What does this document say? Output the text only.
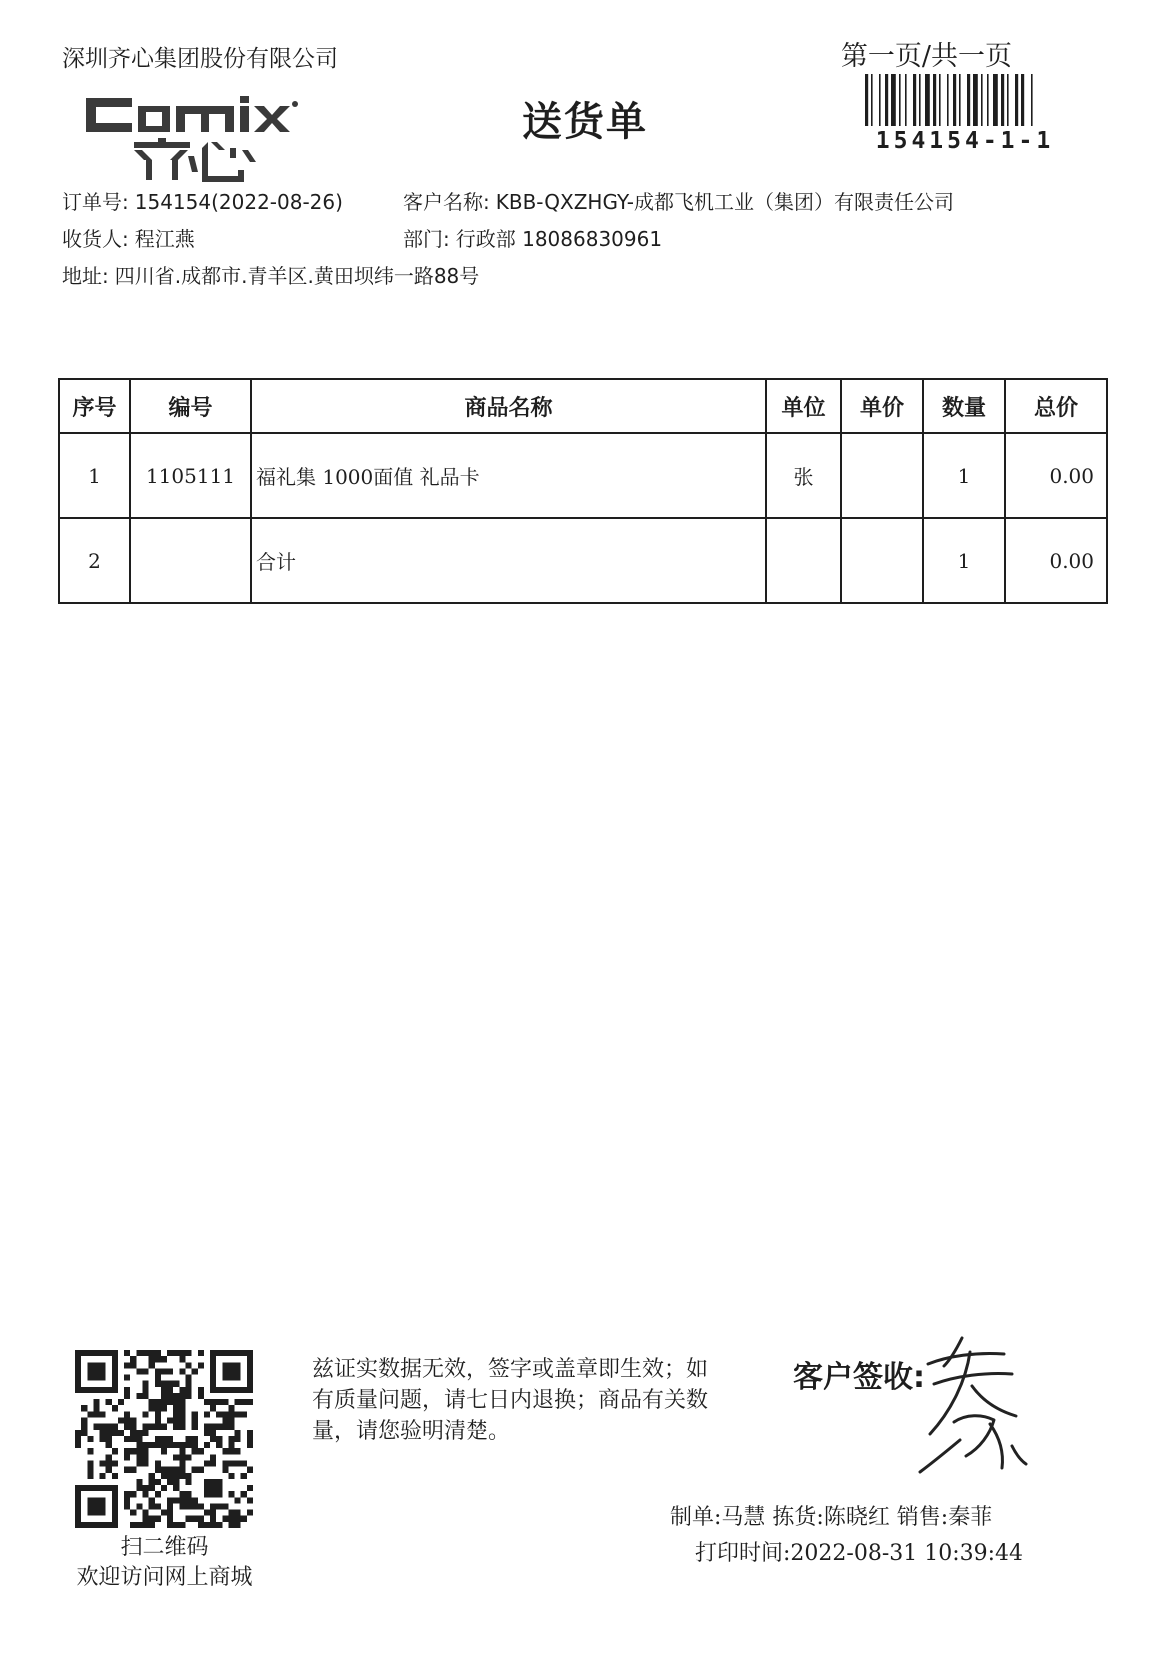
深圳齐心集团股份有限公司	第一页/共一页
送货单	154154-1-1
订单号: 154154(2022-08-26)	客户名称: KBB-QXZHGY-成都飞机工业（集团）有限责任公司
收货人: 程江燕	部门: 行政部 18086830961
地址: 四川省.成都市.青羊区.黄田坝纬一路88号
序号	编号	商品名称	单位	单价	数量	总价
1	1105111	福礼集 1000面值 礼品卡	张		1	0.00
2		合计			1	0.00
扫二维码
欢迎访问网上商城
兹证实数据无效，签字或盖章即生效；如有质量问题，请七日内退换；商品有关数量，请您验明清楚。
客户签收:
制单:马慧 拣货:陈晓红 销售:秦菲
打印时间:2022-08-31 10:39:44
